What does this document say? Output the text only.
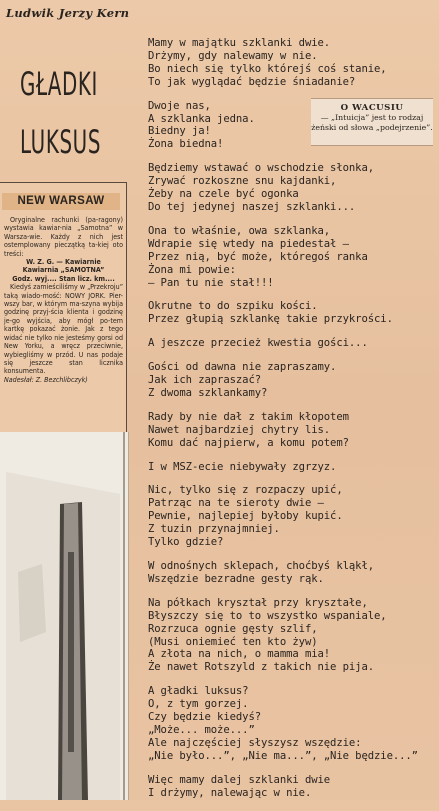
Ludwik Jerzy Kern
GŁADKI
LUKSUS
NEW WARSAW

Oryginalne rachunki (pa-ragony) wystawia kawiar-nia „Samotna” w Warsza-wie. Każdy z nich jest ostemplowany pieczątką ta-kiej oto treści:

W. Z. G. — Kawiarnie

Kawiarnia „SAMOTNA”

Godz. wyj.... Stan licz. km....

Kiedyś zamieściliśmy w „Przekroju” taką wiado-mość: NOWY JORK. Pier-wszy bar, w którym ma-szyna wybija godzinę przyj-ścia klienta i godzinę je-go wyjścia, aby mógł po-tem kartkę pokazać żonie. Jak z tego widać nie tylko nie jesteśmy gorsi od New Yorku, a wręcz przeciwnie, wybiegliśmy w przód. U nas podaje się jeszcze stan licznika konsumenta.

Nadesłał: Z. Bezchlibczyk)

Mamy w majątku szklanki dwie.
Drżymy, gdy nalewamy w nie.
Bo niech się tylko którejś coś stanie,
To jak wyglądać będzie śniadanie?
Dwoje nas,
A szklanka jedna.
Biedny ja!
Żona biedna!
Będziemy wstawać o wschodzie słonka,
Zrywać rozkoszne snu kajdanki,
Żeby na czele być ogonka
Do tej jedynej naszej szklanki...
Ona to właśnie, owa szklanka,
Wdrapie się wtedy na piedestał —
Przez nią, być może, któregoś ranka
Żona mi powie:
— Pan tu nie stał!!!
Okrutne to do szpiku kości.
Przez głupią szklankę takie przykrości.
A jeszcze przecież kwestia gości...
Gości od dawna nie zapraszamy.
Jak ich zapraszać?
Z dwoma szklankamy?
Rady by nie dał z takim kłopotem
Nawet najbardziej chytry lis.
Komu dać najpierw, a komu potem?
I w MSZ-ecie niebywały zgrzyz.
Nic, tylko się z rozpaczy upić,
Patrząc na te sieroty dwie —
Pewnie, najlepiej byłoby kupić.
Z tuzin przynajmniej.
Tylko gdzie?
W odnośnych sklepach, choćbyś kląkł,
Wszędzie bezradne gesty rąk.
Na półkach kryształ przy kryształe,
Błyszczy się to to wszystko wspaniale,
Rozrzuca ognie gęsty szlif,
(Musi oniemieć ten kto żyw)
A złota na nich, o mamma mia!
Że nawet Rotszyld z takich nie pija.
A gładki luksus?
O, z tym gorzej.
Czy będzie kiedyś?
„Może... może...”
Ale najczęściej słyszysz wszędzie:
„Nie było...”, „Nie ma...”, „Nie będzie...”
Więc mamy dalej szklanki dwie
I drżymy, nalewając w nie.
O WACUSIU
— „Intuicja” jest to rodzaj żeński od słowa „podejrzenie”.
